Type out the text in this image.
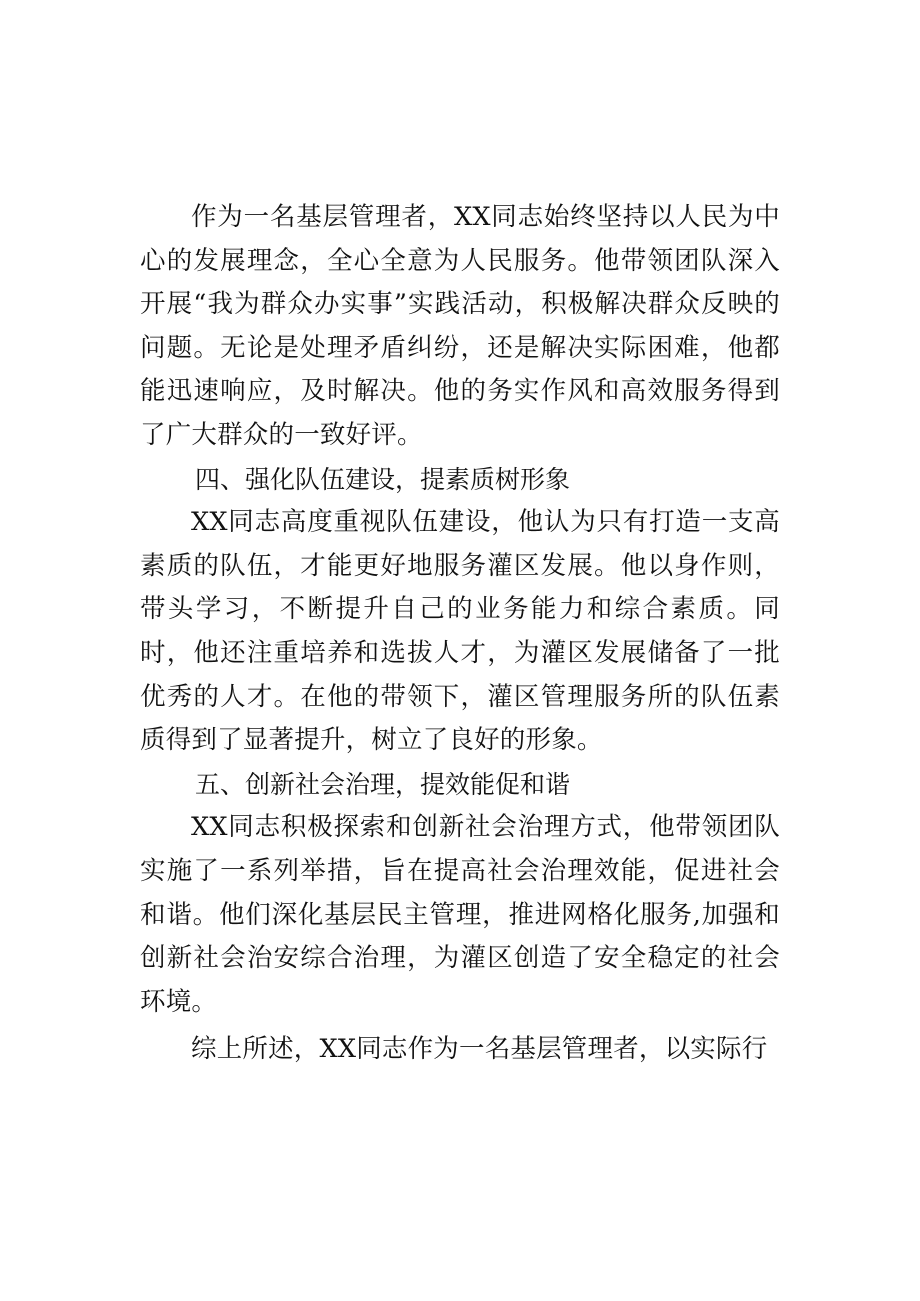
作为一名基层管理者，XX同志始终坚持以人民为中心的发展理念，全心全意为人民服务。他带领团队深入开展“我为群众办实事”实践活动，积极解决群众反映的问题。无论是处理矛盾纠纷，还是解决实际困难，他都能迅速响应，及时解决。他的务实作风和高效服务得到了广大群众的一致好评。

四、强化队伍建设，提素质树形象

XX同志高度重视队伍建设，他认为只有打造一支高素质的队伍，才能更好地服务灌区发展。他以身作则，带头学习，不断提升自己的业务能力和综合素质。同时，他还注重培养和选拔人才，为灌区发展储备了一批优秀的人才。在他的带领下，灌区管理服务所的队伍素质得到了显著提升，树立了良好的形象。

五、创新社会治理，提效能促和谐

XX同志积极探索和创新社会治理方式，他带领团队实施了一系列举措，旨在提高社会治理效能，促进社会和谐。他们深化基层民主管理，推进网格化服务,加强和创新社会治安综合治理，为灌区创造了安全稳定的社会环境。

综上所述，XX同志作为一名基层管理者，以实际行
